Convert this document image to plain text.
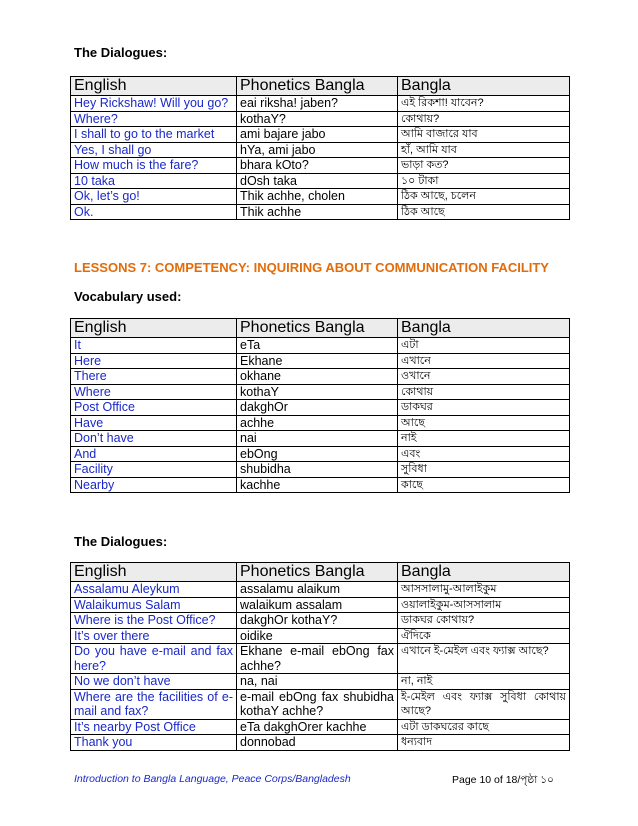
The Dialogues:
English	Phonetics Bangla	Bangla
Hey Rickshaw! Will you go?	eai riksha! jaben?	এই রিকশা! যাবেন?
Where?	kothaY?	কোথায়?
I shall to go to the market	ami bajare jabo	আমি বাজারে যাব
Yes, I shall go	hYa, ami jabo	হাঁ, আমি যাব
How much is the fare?	bhara kOto?	ভাড়া কত?
10 taka	dOsh taka	১০ টাকা
Ok, let’s go!	Thik achhe, cholen	ঠিক আছে, চলেন
Ok.	Thik achhe	ঠিক আছে
LESSONS 7: COMPETENCY: INQUIRING ABOUT COMMUNICATION FACILITY
Vocabulary used:
English	Phonetics Bangla	Bangla
It	eTa	এটা
Here	Ekhane	এখানে
There	okhane	ওখানে
Where	kothaY	কোথায়
Post Office	dakghOr	ডাকঘর
Have	achhe	আছে
Don’t have	nai	নাই
And	ebOng	এবং
Facility	shubidha	সুবিধা
Nearby	kachhe	কাছে
The Dialogues:
English	Phonetics Bangla	Bangla
Assalamu Aleykum	assalamu alaikum	আসসালামু-আলাইকুম
Walaikumus Salam	walaikum assalam	ওয়ালাইকুম-আসসালাম
Where is the Post Office?	dakghOr kothaY?	ডাকঘর কোথায়?
It’s over there	oidike	ঐদিকে
Do you have e-mail and fax here?	Ekhane e-mail ebOng fax achhe?	এখানে ই-মেইল এবং ফ্যাক্স আছে?
No we don’t have	na, nai	না, নাই
Where are the facilities of e-mail and fax?	e-mail ebOng fax shubidha kothaY achhe?	ই-মেইল এবং ফ্যাক্স সুবিধা কোথায় আছে?
It’s nearby Post Office	eTa dakghOrer kachhe	এটা ডাকঘরের কাছে
Thank you	donnobad	ধন্যবাদ
Introduction to Bangla Language, Peace Corps/Bangladesh	Page 10 of 18/পৃষ্ঠা ১০
